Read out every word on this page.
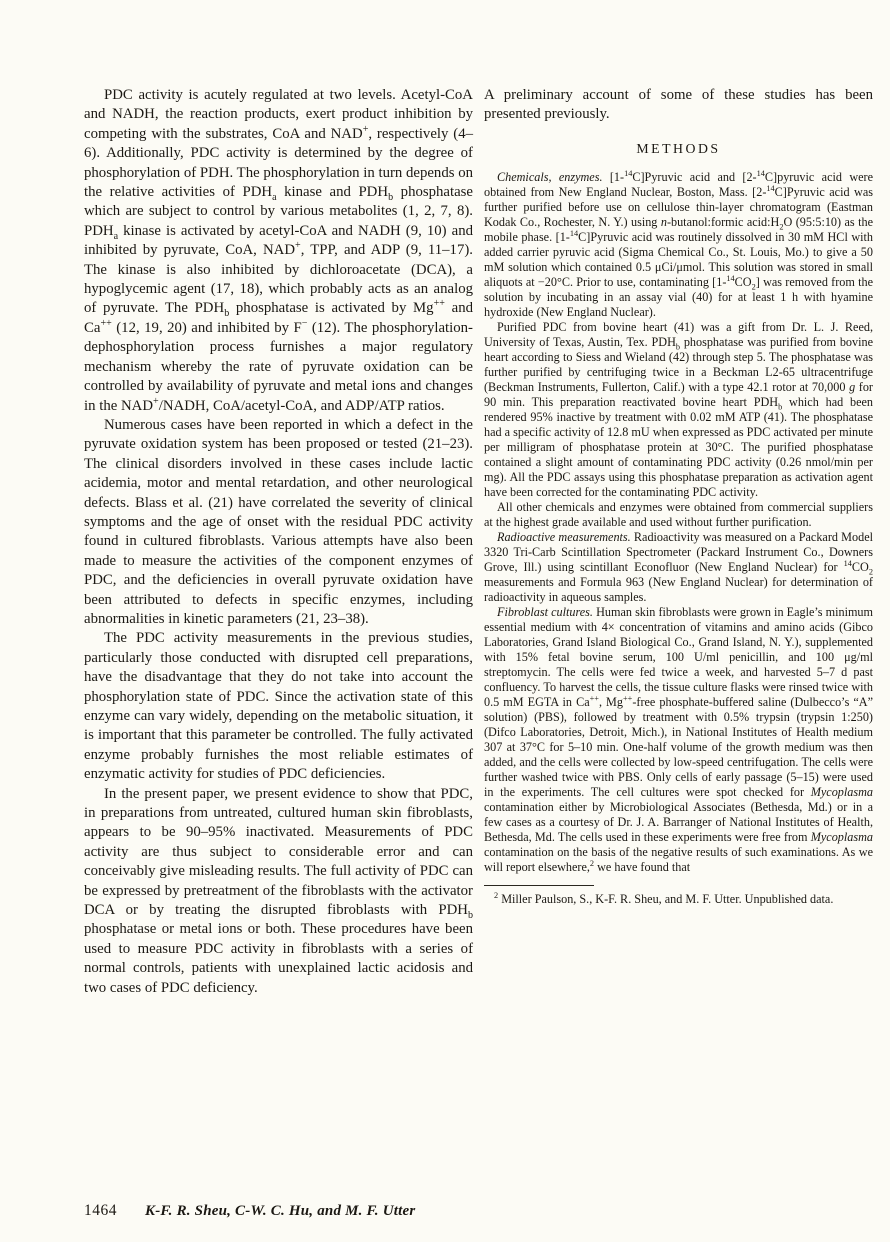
PDC activity is acutely regulated at two levels. Acetyl-CoA and NADH, the reaction products, exert product inhibition by competing with the substrates, CoA and NAD+, respectively (4–6). Additionally, PDC activity is determined by the degree of phosphorylation of PDH. The phosphorylation in turn depends on the relative activities of $PDH_a$ kinase and $PDH_b$ phosphatase which are subject to control by various metabolites (1, 2, 7, 8). $PDH_a$ kinase is activated by acetyl-CoA and NADH (9, 10) and inhibited by pyruvate, CoA, NAD+, TPP, and ADP (9, 11–17). The kinase is also inhibited by dichloroacetate (DCA), a hypoglycemic agent (17, 18), which probably acts as an analog of pyruvate. The $PDH_b$ phosphatase is activated by Mg++ and Ca++ (12, 19, 20) and inhibited by F− (12). The phosphorylation-dephosphorylation process furnishes a major regulatory mechanism whereby the rate of pyruvate oxidation can be controlled by availability of pyruvate and metal ions and changes in the NAD+/NADH, CoA/acetyl-CoA, and ADP/ATP ratios.

Numerous cases have been reported in which a defect in the pyruvate oxidation system has been proposed or tested (21–23). The clinical disorders involved in these cases include lactic acidemia, motor and mental retardation, and other neurological defects. Blass et al. (21) have correlated the severity of clinical symptoms and the age of onset with the residual PDC activity found in cultured fibroblasts. Various attempts have also been made to measure the activities of the component enzymes of PDC, and the deficiencies in overall pyruvate oxidation have been attributed to defects in specific enzymes, including abnormalities in kinetic parameters (21, 23–38).

The PDC activity measurements in the previous studies, particularly those conducted with disrupted cell preparations, have the disadvantage that they do not take into account the phosphorylation state of PDC. Since the activation state of this enzyme can vary widely, depending on the metabolic situation, it is important that this parameter be controlled. The fully activated enzyme probably furnishes the most reliable estimates of enzymatic activity for studies of PDC deficiencies.

In the present paper, we present evidence to show that PDC, in preparations from untreated, cultured human skin fibroblasts, appears to be 90–95% inactivated. Measurements of PDC activity are thus subject to considerable error and can conceivably give misleading results. The full activity of PDC can be expressed by pretreatment of the fibroblasts with the activator DCA or by treating the disrupted fibroblasts with $PDH_b$ phosphatase or metal ions or both. These procedures have been used to measure PDC activity in fibroblasts with a series of normal controls, patients with unexplained lactic acidosis and two cases of PDC deficiency.

A preliminary account of some of these studies has been presented previously.

METHODS

Chemicals, enzymes. [1-$^{14}$C]Pyruvic acid and [2-$^{14}$C]pyruvic acid were obtained from New England Nuclear, Boston, Mass. [2-$^{14}$C]Pyruvic acid was further purified before use on cellulose thin-layer chromatogram (Eastman Kodak Co., Rochester, N. Y.) using n-butanol:formic $acid:H_2O$ (95:5:10) as the mobile phase. [1-$^{14}$C]Pyruvic acid was routinely dissolved in 30 mM HCl with added carrier pyruvic acid (Sigma Chemical Co., St. Louis, Mo.) to give a 50 mM solution which contained 0.5 μCi/μmol. This solution was stored in small aliquots at −20°C. Prior to use, contaminating $[1-^{14}CO_2]$ was removed from the solution by incubating in an assay vial (40) for at least 1 h with hyamine hydroxide (New England Nuclear).

Purified PDC from bovine heart (41) was a gift from Dr. L. J. Reed, University of Texas, Austin, Tex. $PDH_b$ phosphatase was purified from bovine heart according to Siess and Wieland (42) through step 5. The phosphatase was further purified by centrifuging twice in a Beckman L2-65 ultracentrifuge (Beckman Instruments, Fullerton, Calif.) with a type 42.1 rotor at 70,000 g for 90 min. This preparation reactivated bovine heart $PDH_b$ which had been rendered 95% inactive by treatment with 0.02 mM ATP (41). The phosphatase had a specific activity of 12.8 mU when expressed as PDC activated per minute per milligram of phosphatase protein at 30°C. The purified phosphatase contained a slight amount of contaminating PDC activity (0.26 nmol/min per mg). All the PDC assays using this phosphatase preparation as activation agent have been corrected for the contaminating PDC activity.

All other chemicals and enzymes were obtained from commercial suppliers at the highest grade available and used without further purification.

Radioactive measurements. Radioactivity was measured on a Packard Model 3320 Tri-Carb Scintillation Spectrometer (Packard Instrument Co., Downers Grove, Ill.) using scintillant Econofluor (New England Nuclear) for $^{14}CO_2$ measurements and Formula 963 (New England Nuclear) for determination of radioactivity in aqueous samples.

Fibroblast cultures. Human skin fibroblasts were grown in Eagle’s minimum essential medium with 4× concentration of vitamins and amino acids (Gibco Laboratories, Grand Island Biological Co., Grand Island, N. Y.), supplemented with 15% fetal bovine serum, 100 U/ml penicillin, and 100 μg/ml streptomycin. The cells were fed twice a week, and harvested 5–7 d past confluency. To harvest the cells, the tissue culture flasks were rinsed twice with 0.5 mM EGTA in Ca++, Mg++-free phosphate-buffered saline (Dulbecco’s “A” solution) (PBS), followed by treatment with 0.5% trypsin (trypsin 1:250) (Difco Laboratories, Detroit, Mich.), in National Institutes of Health medium 307 at 37°C for 5–10 min. One-half volume of the growth medium was then added, and the cells were collected by low-speed centrifugation. The cells were further washed twice with PBS. Only cells of early passage (5–15) were used in the experiments. The cell cultures were spot checked for Mycoplasma contamination either by Microbiological Associates (Bethesda, Md.) or in a few cases as a courtesy of Dr. J. A. Barranger of National Institutes of Health, Bethesda, Md. The cells used in these experiments were free from Mycoplasma contamination on the basis of the negative results of such examinations. As we will report elsewhere,$^2$ we have found that

$^2$ Miller Paulson, S., K-F. R. Sheu, and M. F. Utter. Unpublished data.

1464 K-F. R. Sheu, C-W. C. Hu, and M. F. Utter
